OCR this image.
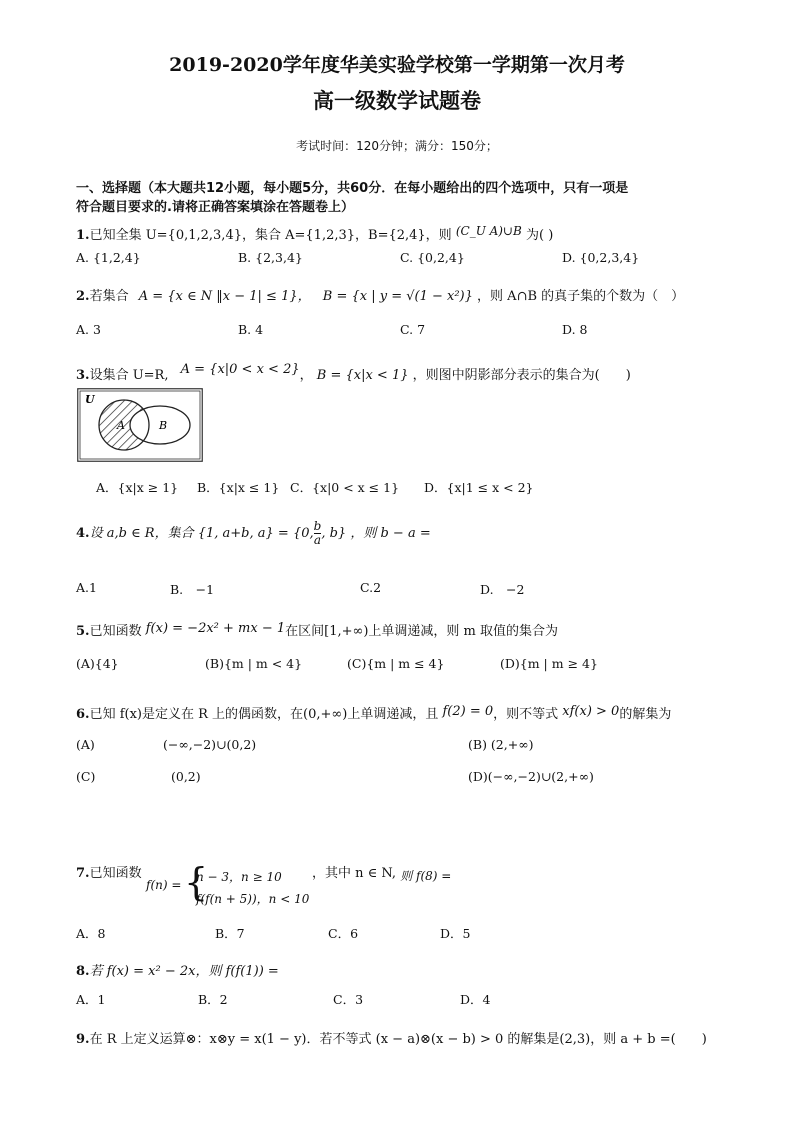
2019-2020学年度华美实验学校第一学期第一次月考
高一级数学试题卷
考试时间：120分钟；满分：150分；
一、选择题（本大题共12小题，每小题5分，共60分．在每小题给出的四个选项中，只有一项是
符合题目要求的.请将正确答案填涂在答题卷上）
1.已知全集 U={0,1,2,3,4}，集合 A={1,2,3}，B={2,4}，则 (C_U A)∪B 为( )
A. {1,2,4}	B. {2,3,4}	C. {0,2,4}	D. {0,2,3,4}
2.若集合 A = {x ∈ N ‖x − 1| ≤ 1}， B = {x | y = √(1 − x²)} ，则 A∩B 的真子集的个数为（　）
A. 3	B. 4	C. 7	D. 8
3.设集合 U=R, A = {x|0 < x < 2}， B = {x|x < 1} ，则图中阴影部分表示的集合为(　　)
U
A	B
A．{x|x ≥ 1} B．{x|x ≤ 1} C．{x|0 < x ≤ 1} D．{x|1 ≤ x < 2}
4.设 a,b ∈ R，集合 {1, a+b, a} = {0, $\frac{b}{a}$ , b} ，则 b − a =
A.1	B.　−1	C.2	D.　−2
5.已知函数 f(x) = −2x² + mx − 1在区间[1,+∞)上单调递减，则 m 取值的集合为
(A){4}	(B){m | m < 4}	(C){m | m ≤ 4}	(D){m | m ≥ 4}
6.已知 f(x)是定义在 R 上的偶函数，在(0,+∞)上单调递减，且 f(2) = 0，则不等式 xf(x) > 0的解集为
(A)	(−∞,−2)∪(0,2)	(B) (2,+∞)
(C)	(0,2)	(D)(−∞,−2)∪(2,+∞)
7.已知函数
f(n) = {
n − 3，n ≥ 10
f(f(n + 5))，n < 10
，其中 n ∈ N, 则 f(8) =
A．8	B．7	C．6	D．5
8.若 f(x) = x² − 2x，则 f(f(1)) =
A．1	B．2	C．3	D．4
9.在 R 上定义运算⊗：x⊗y = x(1 − y)．若不等式 (x − a)⊗(x − b) > 0 的解集是(2,3)，则 a + b =(　　)
